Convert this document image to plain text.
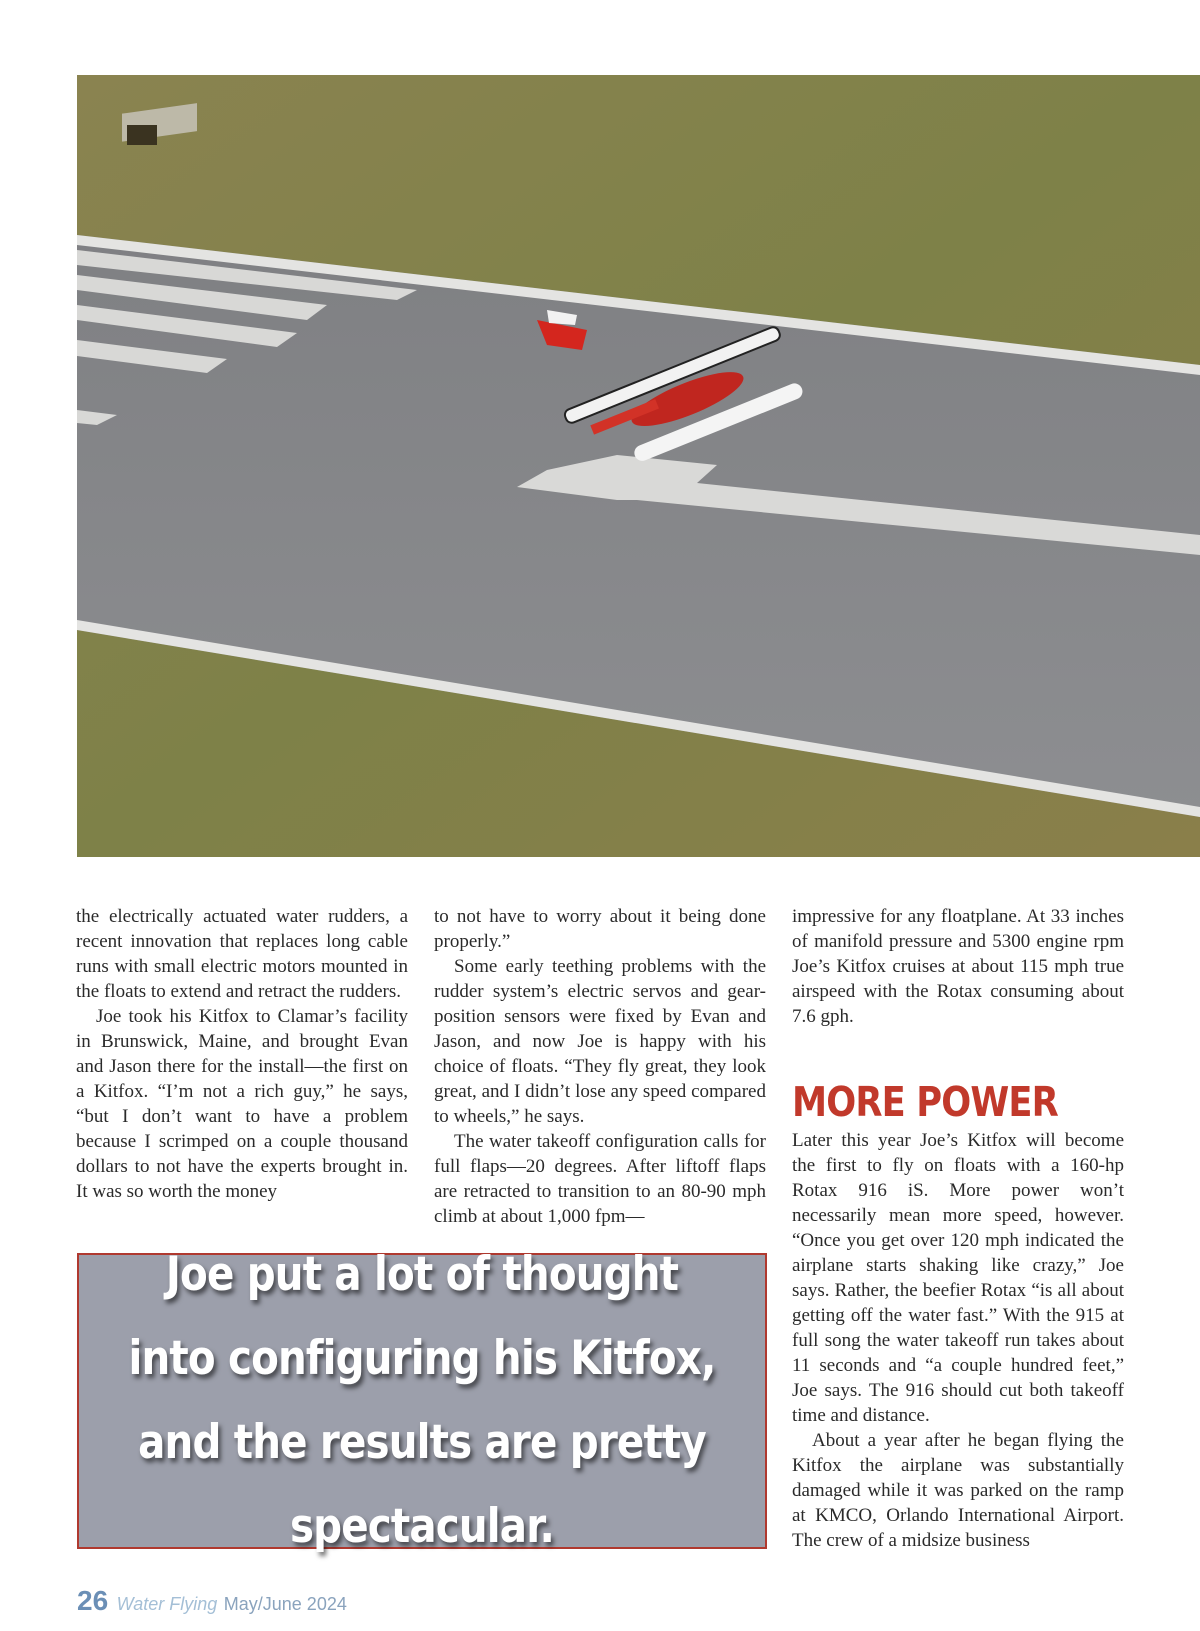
the electrically actuated water rudders, a recent innovation that replaces long cable runs with small electric motors mounted in the floats to extend and retract the rudders.

Joe took his Kitfox to Clamar’s facility in Brunswick, Maine, and brought Evan and Jason there for the install—the first on a Kitfox. “I’m not a rich guy,” he says, “but I don’t want to have a problem because I scrimped on a couple thousand dollars to not have the experts brought in. It was so worth the money

to not have to worry about it being done properly.”

Some early teething problems with the rudder system’s electric servos and gear-position sensors were fixed by Evan and Jason, and now Joe is happy with his choice of floats. “They fly great, they look great, and I didn’t lose any speed compared to wheels,” he says.

The water takeoff configuration calls for full flaps—20 degrees. After liftoff flaps are retracted to transition to an 80-90 mph climb at about 1,000 fpm—

impressive for any floatplane. At 33 inches of manifold pressure and 5300 engine rpm Joe’s Kitfox cruises at about 115 mph true airspeed with the Rotax consuming about 7.6 gph.

MORE POWER

Later this year Joe’s Kitfox will become the first to fly on floats with a 160-hp Rotax 916 iS. More power won’t necessarily mean more speed, however. “Once you get over 120 mph indicated the airplane starts shaking like crazy,” Joe says. Rather, the beefier Rotax “is all about getting off the water fast.” With the 915 at full song the water takeoff run takes about 11 seconds and “a couple hundred feet,” Joe says. The 916 should cut both takeoff time and distance.

About a year after he began flying the Kitfox the airplane was substantially damaged while it was parked on the ramp at KMCO, Orlando International Airport. The crew of a midsize business

Joe put a lot of thought into configuring his Kitfox, and the results are pretty spectacular.
26 Water Flying May/June 2024
